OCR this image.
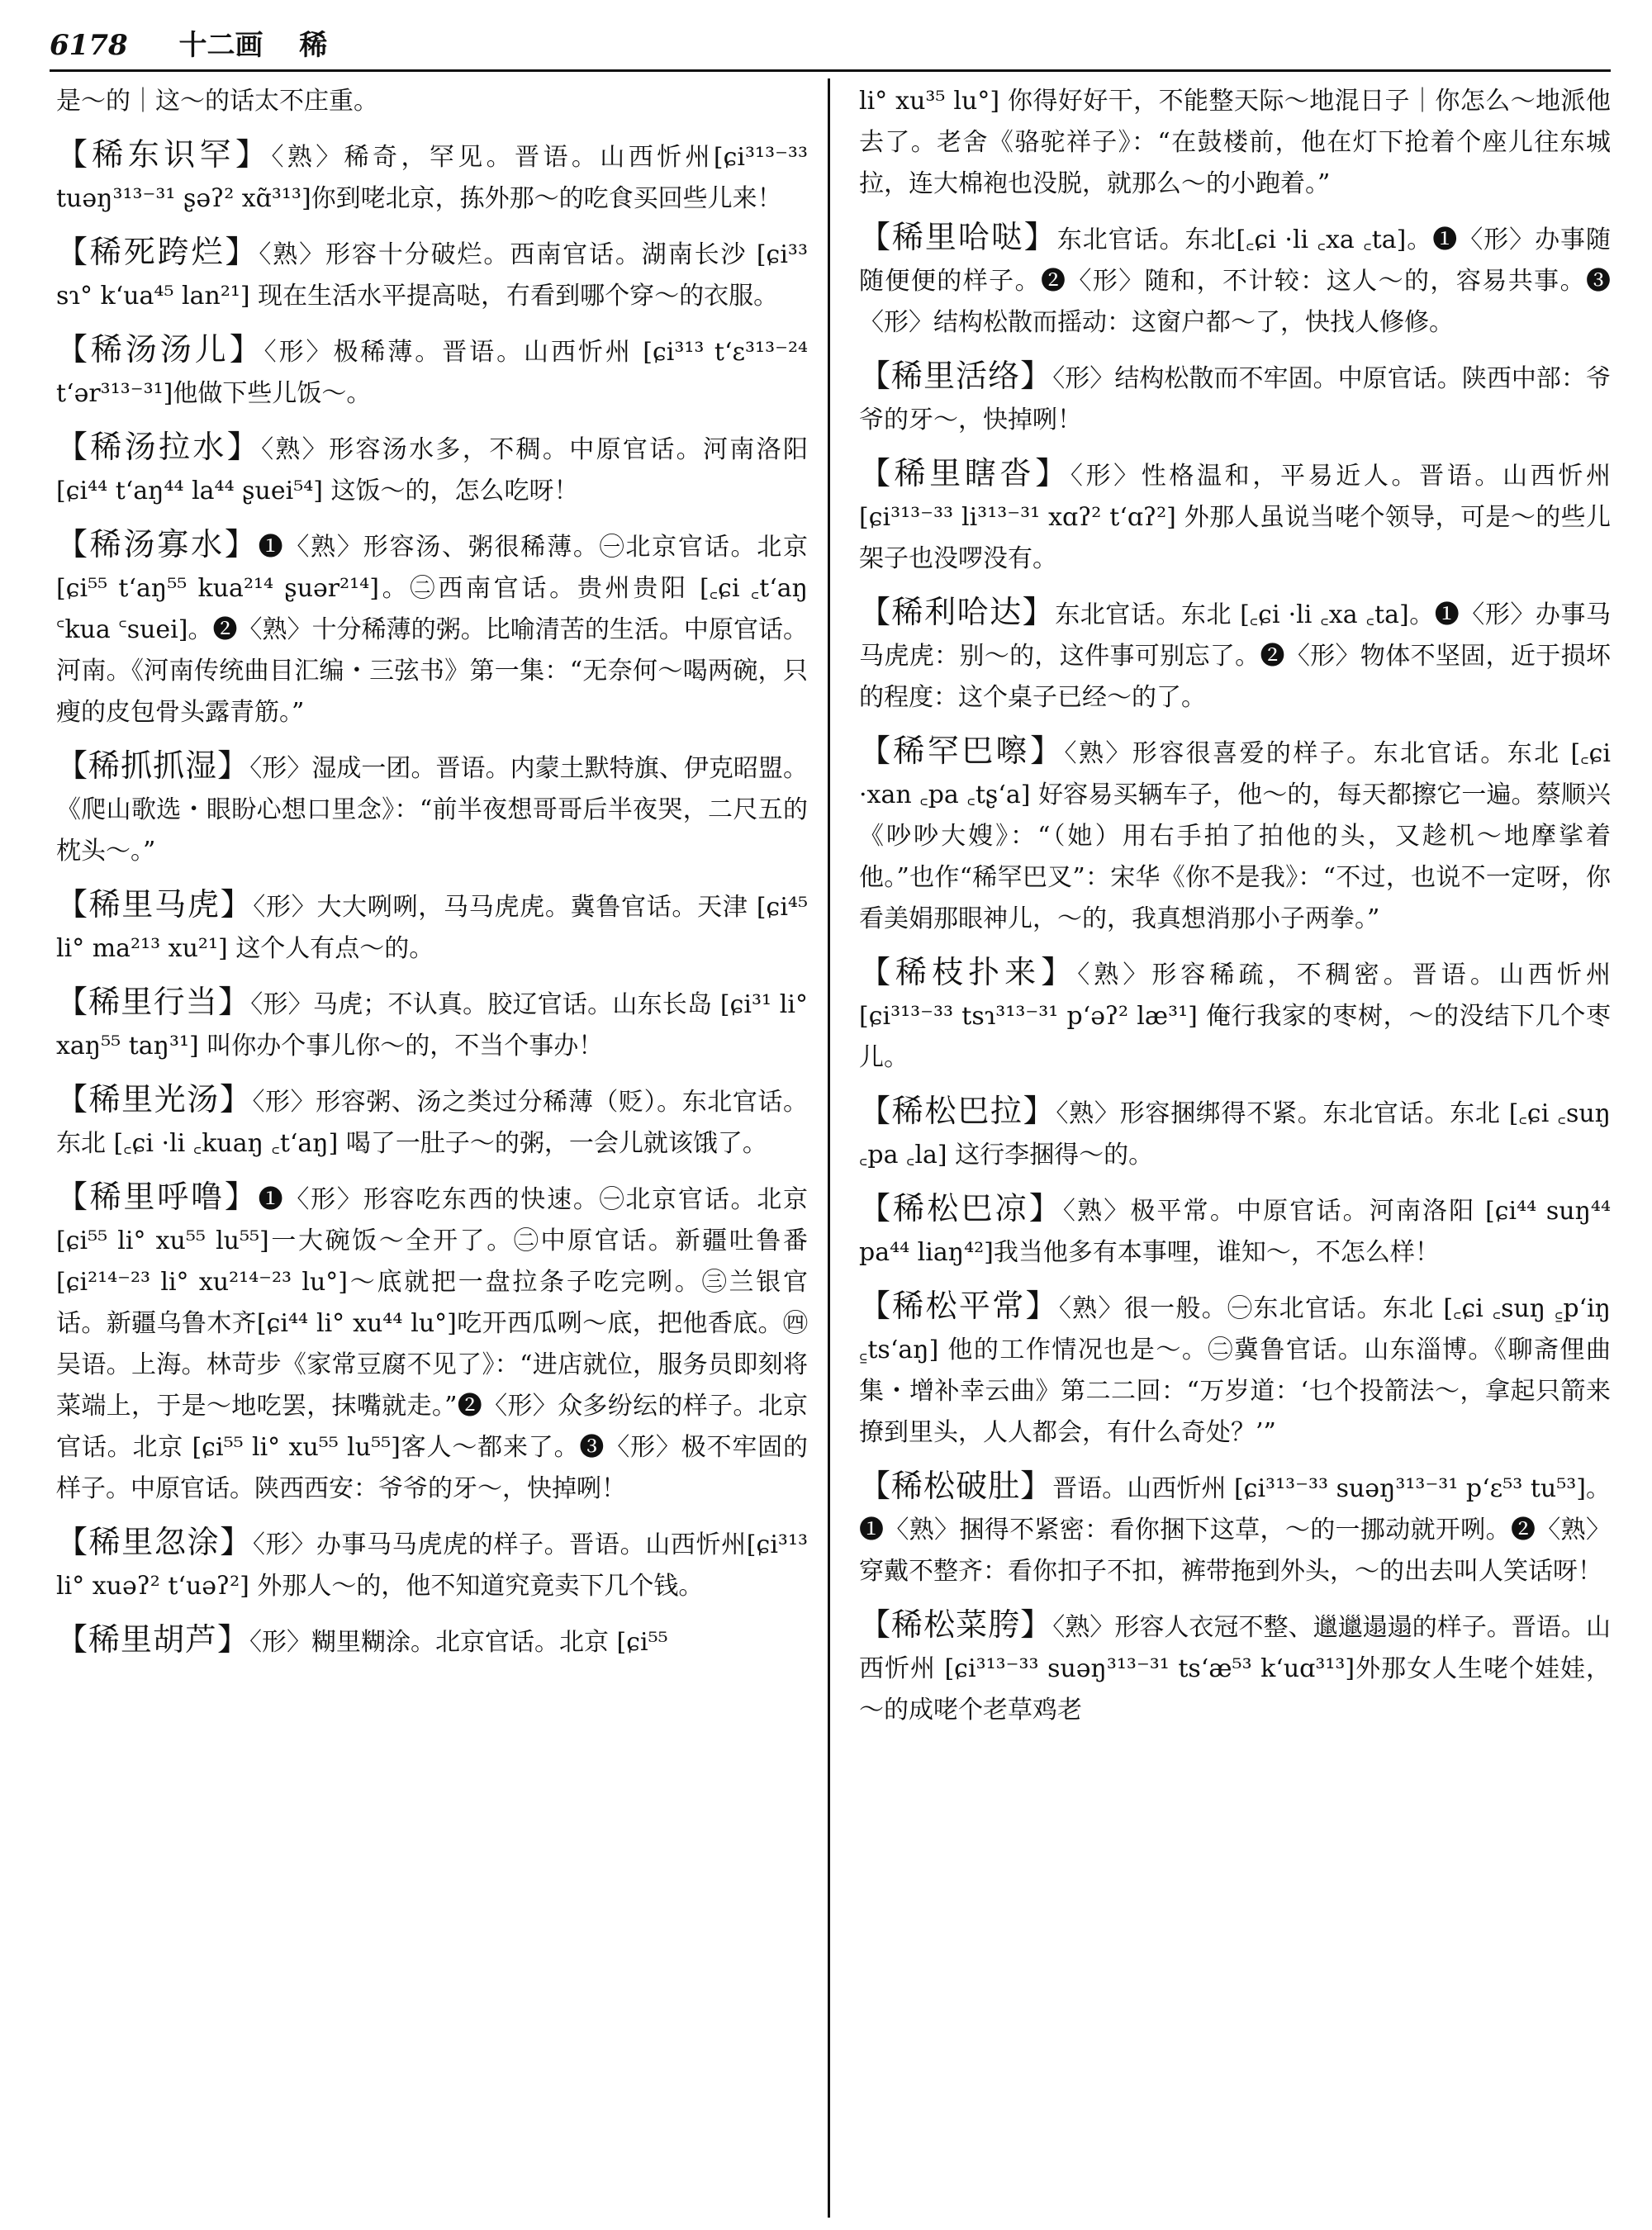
6178 十二画 稀
是～的｜这～的话太不庄重。
【稀东识罕】〈熟〉稀奇，罕见。晋语。山西忻州[ɕi³¹³⁻³³ tuəŋ³¹³⁻³¹ ʂəʔ² xɑ̃³¹³]你到咾北京，拣外那～的吃食买回些儿来！
【稀死跨烂】〈熟〉形容十分破烂。西南官话。湖南长沙 [ɕi³³ sɿ° k‘ua⁴⁵ lan²¹] 现在生活水平提高哒，冇看到哪个穿～的衣服。
【稀汤汤儿】〈形〉极稀薄。晋语。山西忻州 [ɕi³¹³ t‘ɛ³¹³⁻²⁴ t‘ər³¹³⁻³¹]他做下些儿饭～。
【稀汤拉水】〈熟〉形容汤水多，不稠。中原官话。河南洛阳 [ɕi⁴⁴ t‘aŋ⁴⁴ la⁴⁴ ʂuei⁵⁴] 这饭～的，怎么吃呀！
【稀汤寡水】❶〈熟〉形容汤、粥很稀薄。㊀北京官话。北京[ɕi⁵⁵ t‘aŋ⁵⁵ kua²¹⁴ ʂuər²¹⁴]。㊁西南官话。贵州贵阳 [꜀ɕi ꜀t‘aŋ ꜂kua ꜂suei]。❷〈熟〉十分稀薄的粥。比喻清苦的生活。中原官话。河南。《河南传统曲目汇编・三弦书》第一集：“无奈何～喝两碗，只瘦的皮包骨头露青筋。”
【稀抓抓湿】〈形〉湿成一团。晋语。内蒙土默特旗、伊克昭盟。《爬山歌选・眼盼心想口里念》：“前半夜想哥哥后半夜哭，二尺五的枕头～。”
【稀里马虎】〈形〉大大咧咧，马马虎虎。冀鲁官话。天津 [ɕi⁴⁵ li° ma²¹³ xu²¹] 这个人有点～的。
【稀里行当】〈形〉马虎；不认真。胶辽官话。山东长岛 [ɕi³¹ li° xaŋ⁵⁵ taŋ³¹] 叫你办个事儿你～的，不当个事办！
【稀里光汤】〈形〉形容粥、汤之类过分稀薄（贬）。东北官话。东北 [꜀ɕi ·li ꜀kuaŋ ꜀t‘aŋ] 喝了一肚子～的粥，一会儿就该饿了。
【稀里呼噜】❶〈形〉形容吃东西的快速。㊀北京官话。北京[ɕi⁵⁵ li° xu⁵⁵ lu⁵⁵]一大碗饭～全开了。㊁中原官话。新疆吐鲁番[ɕi²¹⁴⁻²³ li° xu²¹⁴⁻²³ lu°]～底就把一盘拉条子吃完咧。㊂兰银官话。新疆乌鲁木齐[ɕi⁴⁴ li° xu⁴⁴ lu°]吃开西瓜咧～底，把他香底。㊃吴语。上海。林苛步《家常豆腐不见了》：“进店就位，服务员即刻将菜端上，于是～地吃罢，抹嘴就走。”❷〈形〉众多纷纭的样子。北京官话。北京 [ɕi⁵⁵ li° xu⁵⁵ lu⁵⁵]客人～都来了。❸〈形〉极不牢固的样子。中原官话。陕西西安：爷爷的牙～，快掉咧！
【稀里忽涂】〈形〉办事马马虎虎的样子。晋语。山西忻州[ɕi³¹³ li° xuəʔ² t‘uəʔ²] 外那人～的，他不知道究竟卖下几个钱。
【稀里胡芦】〈形〉糊里糊涂。北京官话。北京 [ɕi⁵⁵
li° xu³⁵ lu°] 你得好好干，不能整天际～地混日子｜你怎么～地派他去了。老舍《骆驼祥子》：“在鼓楼前，他在灯下抢着个座儿往东城拉，连大棉袍也没脱，就那么～的小跑着。”
【稀里哈哒】东北官话。东北[꜀ɕi ·li ꜀xa ꜀ta]。❶〈形〉办事随随便便的样子。❷〈形〉随和，不计较：这人～的，容易共事。❸〈形〉结构松散而摇动：这窗户都～了，快找人修修。
【稀里活络】〈形〉结构松散而不牢固。中原官话。陕西中部：爷爷的牙～，快掉咧！
【稀里瞎沓】〈形〉性格温和，平易近人。晋语。山西忻州 [ɕi³¹³⁻³³ li³¹³⁻³¹ xɑʔ² t‘ɑʔ²] 外那人虽说当咾个领导，可是～的些儿架子也没啰没有。
【稀利哈达】东北官话。东北 [꜀ɕi ·li ꜀xa ꜀ta]。❶〈形〉办事马马虎虎：别～的，这件事可别忘了。❷〈形〉物体不坚固，近于损坏的程度：这个桌子已经～的了。
【稀罕巴嚓】〈熟〉形容很喜爱的样子。东北官话。东北 [꜀ɕi ·xan ꜀pa ꜀tʂ‘a] 好容易买辆车子，他～的，每天都擦它一遍。蔡顺兴《吵吵大嫂》：“（她）用右手拍了拍他的头，又趁机～地摩挲着他。”也作“稀罕巴叉”：宋华《你不是我》：“不过，也说不一定呀，你看美娟那眼神儿，～的，我真想消那小子两拳。”
【稀枝扑来】〈熟〉形容稀疏，不稠密。晋语。山西忻州 [ɕi³¹³⁻³³ tsɿ³¹³⁻³¹ p‘əʔ² læ³¹] 俺行我家的枣树，～的没结下几个枣儿。
【稀松巴拉】〈熟〉形容捆绑得不紧。东北官话。东北 [꜀ɕi ꜀suŋ ꜀pa ꜀la] 这行李捆得～的。
【稀松巴凉】〈熟〉极平常。中原官话。河南洛阳 [ɕi⁴⁴ suŋ⁴⁴ pa⁴⁴ liaŋ⁴²]我当他多有本事哩，谁知～，不怎么样！
【稀松平常】〈熟〉很一般。㊀东北官话。东北 [꜀ɕi ꜀suŋ ꜁p‘iŋ ꜁ts‘aŋ] 他的工作情况也是～。㊁冀鲁官话。山东淄博。《聊斋俚曲集・增补幸云曲》第二二回：“万岁道：‘乜个投箭法～，拿起只箭来撩到里头，人人都会，有什么奇处？’”
【稀松破肚】晋语。山西忻州 [ɕi³¹³⁻³³ suəŋ³¹³⁻³¹ p‘ɛ⁵³ tu⁵³]。❶〈熟〉捆得不紧密：看你捆下这草，～的一挪动就开咧。❷〈熟〉穿戴不整齐：看你扣子不扣，裤带拖到外头，～的出去叫人笑话呀！
【稀松菜胯】〈熟〉形容人衣冠不整、邋邋遢遢的样子。晋语。山西忻州 [ɕi³¹³⁻³³ suəŋ³¹³⁻³¹ ts‘æ⁵³ k‘uɑ³¹³]外那女人生咾个娃娃，～的成咾个老草鸡老
